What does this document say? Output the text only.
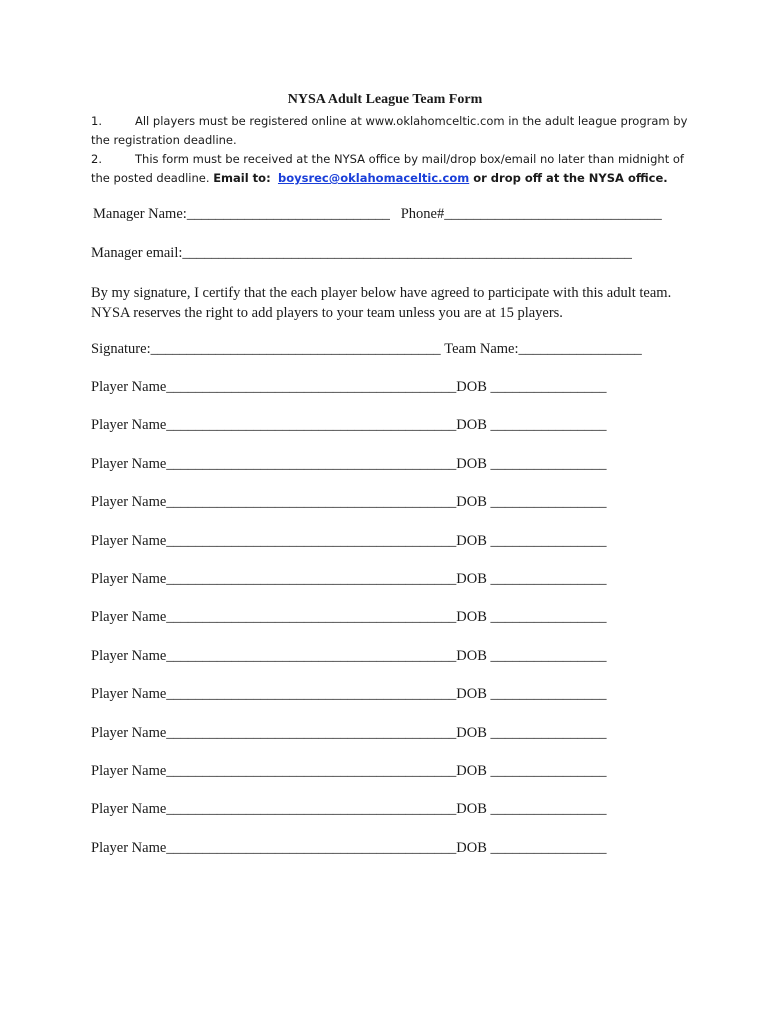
NYSA Adult League Team Form
1.	All players must be registered online at www.oklahomceltic.com in the adult league program by
the registration deadline.
2.	This form must be received at the NYSA office by mail/drop box/email no later than midnight of
the posted deadline. Email to: boysrec@oklahomaceltic.com or drop off at the NYSA office.
Manager Name:____________________________ Phone#______________________________
Manager email:______________________________________________________________
By my signature, I certify that the each player below have agreed to participate with this adult team. NYSA reserves the right to add players to your team unless you are at 15 players.
Signature:________________________________________ Team Name:_________________
Player Name________________________________________DOB ________________
Player Name________________________________________DOB ________________
Player Name________________________________________DOB ________________
Player Name________________________________________DOB ________________
Player Name________________________________________DOB ________________
Player Name________________________________________DOB ________________
Player Name________________________________________DOB ________________
Player Name________________________________________DOB ________________
Player Name________________________________________DOB ________________
Player Name________________________________________DOB ________________
Player Name________________________________________DOB ________________
Player Name________________________________________DOB ________________
Player Name________________________________________DOB ________________
